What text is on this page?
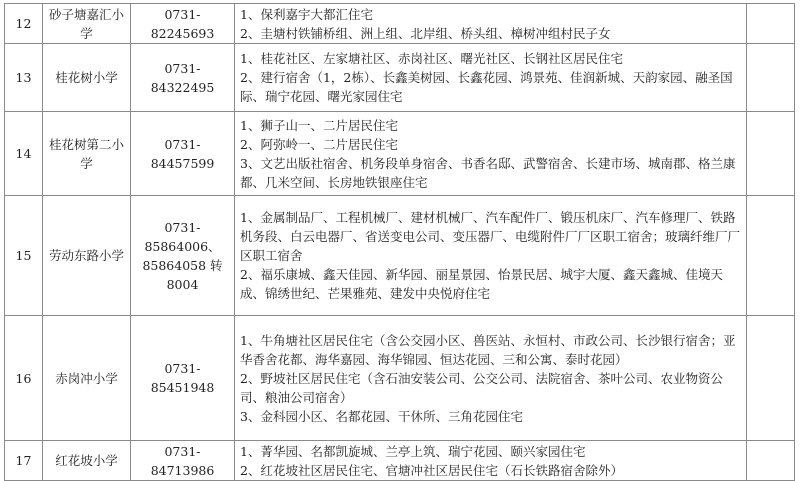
12	砂子塘嘉汇小学	0731-82245693	1、保利嘉宇大都汇住宅
2、圭塘村铁铺桥组、洲上组、北岸组、桥头组、樟树冲组村民子女	

13	桂花树小学	0731-84322495	1、桂花社区、左家塘社区、赤岗社区、曙光社区、长钢社区居民住宅
2、建行宿舍（1，2栋）、长鑫美树园、长鑫花园、鸿景苑、佳润新城、天韵家园、融圣国际、瑞宁花园、曙光家园住宅	

14	桂花树第二小学	0731-84457599	1、狮子山一、二片居民住宅
2、阿弥岭一、二片居民住宅
3、文艺出版社宿舍、机务段单身宿舍、书香名邸、武警宿舍、长建市场、城南郡、格兰康都、几米空间、长房地铁银座住宅	

15	劳动东路小学	0731-85864006、85864058 转8004	1、金属制品厂、工程机械厂、建材机械厂、汽车配件厂、锻压机床厂、汽车修理厂、铁路机务段、白云电器厂、省送变电公司、变压器厂、电缆附件厂厂区职工宿舍；玻璃纤维厂厂区职工宿舍
2、福乐康城、鑫天佳园、新华园、丽星景园、怡景民居、城宇大厦、鑫天鑫城、佳境天成、锦绣世纪、芒果雅苑、建发中央悦府住宅	

16	赤岗冲小学	0731-85451948	1、牛角塘社区居民住宅（含公交园小区、兽医站、永恒村、市政公司、长沙银行宿舍；亚华香舍花都、海华嘉园、海华锦园、恒达花园、三和公寓、泰时花园）
2、野坡社区居民住宅（含石油安装公司、公交公司、法院宿舍、茶叶公司、农业物资公司、粮油公司宿舍）
3、金科园小区、名都花园、干休所、三角花园住宅	

17	红花坡小学	0731-84713986	1、菁华园、名都凯旋城、兰亭上筑、瑞宁花园、颐兴家园住宅
2、红花坡社区居民住宅、官塘冲社区居民住宅（石长铁路宿舍除外）	
